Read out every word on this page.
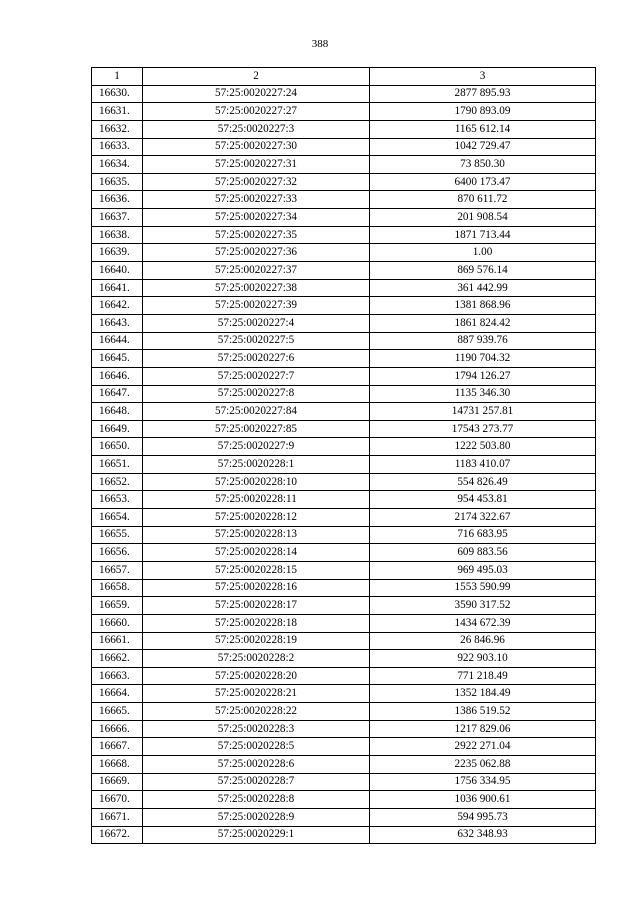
388
1	2	3
16630.	57:25:0020227:24	2877 895.93
16631.	57:25:0020227:27	1790 893.09
16632.	57:25:0020227:3	1165 612.14
16633.	57:25:0020227:30	1042 729.47
16634.	57:25:0020227:31	73 850.30
16635.	57:25:0020227:32	6400 173.47
16636.	57:25:0020227:33	870 611.72
16637.	57:25:0020227:34	201 908.54
16638.	57:25:0020227:35	1871 713.44
16639.	57:25:0020227:36	1.00
16640.	57:25:0020227:37	869 576.14
16641.	57:25:0020227:38	361 442.99
16642.	57:25:0020227:39	1381 868.96
16643.	57:25:0020227:4	1861 824.42
16644.	57:25:0020227:5	887 939.76
16645.	57:25:0020227:6	1190 704.32
16646.	57:25:0020227:7	1794 126.27
16647.	57:25:0020227:8	1135 346.30
16648.	57:25:0020227:84	14731 257.81
16649.	57:25:0020227:85	17543 273.77
16650.	57:25:0020227:9	1222 503.80
16651.	57:25:0020228:1	1183 410.07
16652.	57:25:0020228:10	554 826.49
16653.	57:25:0020228:11	954 453.81
16654.	57:25:0020228:12	2174 322.67
16655.	57:25:0020228:13	716 683.95
16656.	57:25:0020228:14	609 883.56
16657.	57:25:0020228:15	969 495.03
16658.	57:25:0020228:16	1553 590.99
16659.	57:25:0020228:17	3590 317.52
16660.	57:25:0020228:18	1434 672.39
16661.	57:25:0020228:19	26 846.96
16662.	57:25:0020228:2	922 903.10
16663.	57:25:0020228:20	771 218.49
16664.	57:25:0020228:21	1352 184.49
16665.	57:25:0020228:22	1386 519.52
16666.	57:25:0020228:3	1217 829.06
16667.	57:25:0020228:5	2922 271.04
16668.	57:25:0020228:6	2235 062.88
16669.	57:25:0020228:7	1756 334.95
16670.	57:25:0020228:8	1036 900.61
16671.	57:25:0020228:9	594 995.73
16672.	57:25:0020229:1	632 348.93
